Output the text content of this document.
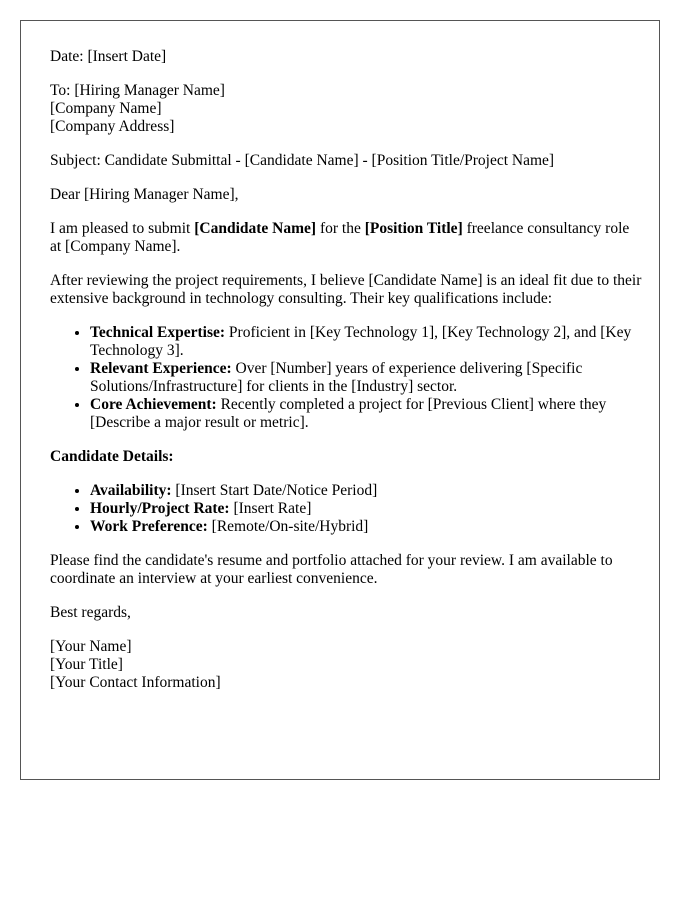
Date: [Insert Date]

To: [Hiring Manager Name]
[Company Name]
[Company Address]

Subject: Candidate Submittal - [Candidate Name] - [Position Title/Project Name]

Dear [Hiring Manager Name],

I am pleased to submit [Candidate Name] for the [Position Title] freelance consultancy role at [Company Name].

After reviewing the project requirements, I believe [Candidate Name] is an ideal fit due to their extensive background in technology consulting. Their key qualifications include:

• Technical Expertise: Proficient in [Key Technology 1], [Key Technology 2], and [Key Technology 3].
• Relevant Experience: Over [Number] years of experience delivering [Specific Solutions/Infrastructure] for clients in the [Industry] sector.
• Core Achievement: Recently completed a project for [Previous Client] where they [Describe a major result or metric].
Candidate Details:
• Availability: [Insert Start Date/Notice Period]
• Hourly/Project Rate: [Insert Rate]
• Work Preference: [Remote/On-site/Hybrid]

Please find the candidate's resume and portfolio attached for your review. I am available to coordinate an interview at your earliest convenience.

Best regards,

[Your Name]
[Your Title]
[Your Contact Information]
